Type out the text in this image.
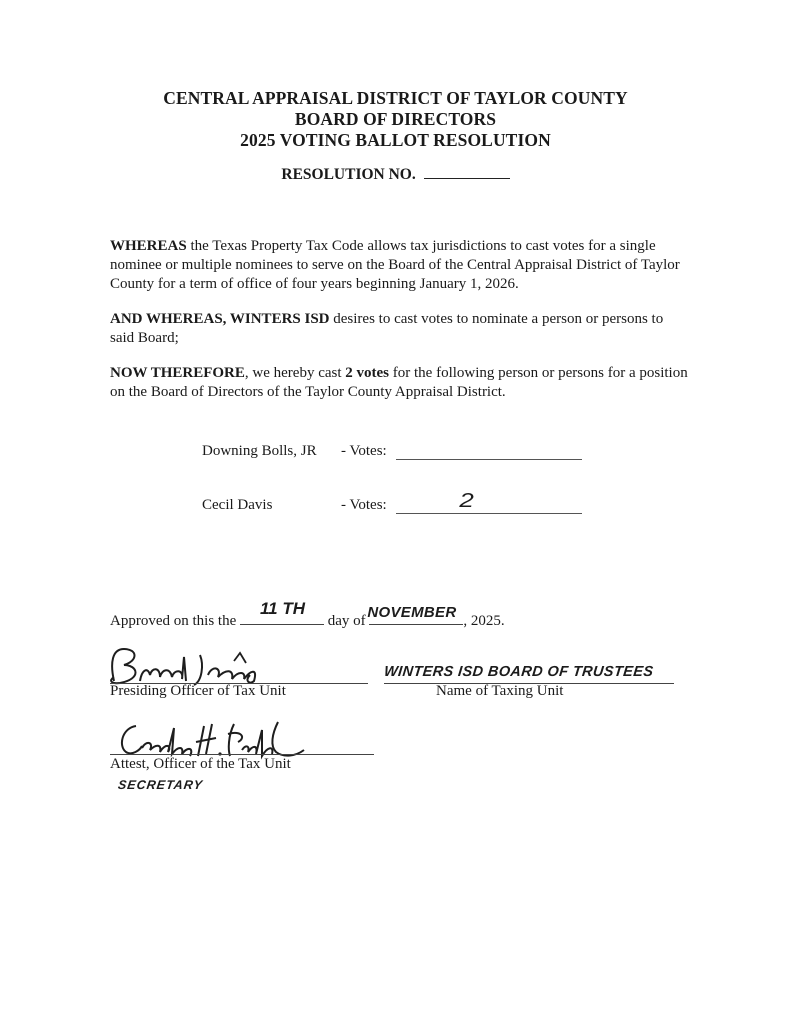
CENTRAL APPRAISAL DISTRICT OF TAYLOR COUNTY
BOARD OF DIRECTORS
2025 VOTING BALLOT RESOLUTION
RESOLUTION NO.
WHEREAS the Texas Property Tax Code allows tax jurisdictions to cast votes for a single nominee or multiple nominees to serve on the Board of the Central Appraisal District of Taylor County for a term of office of four years beginning January 1, 2026.
AND WHEREAS, WINTERS ISD desires to cast votes to nominate a person or persons to said Board;
NOW THEREFORE, we hereby cast 2 votes for the following person or persons for a position on the Board of Directors of the Taylor County Appraisal District.
Downing Bolls, JR - Votes:
Cecil Davis	- Votes:	2
Approved on this the
11 TH
day of NOVEMBER , 2025.
Presiding Officer of Tax Unit
WINTERS ISD BOARD OF TRUSTEES
Name of Taxing Unit
Attest, Officer of the Tax Unit
SECRETARY
